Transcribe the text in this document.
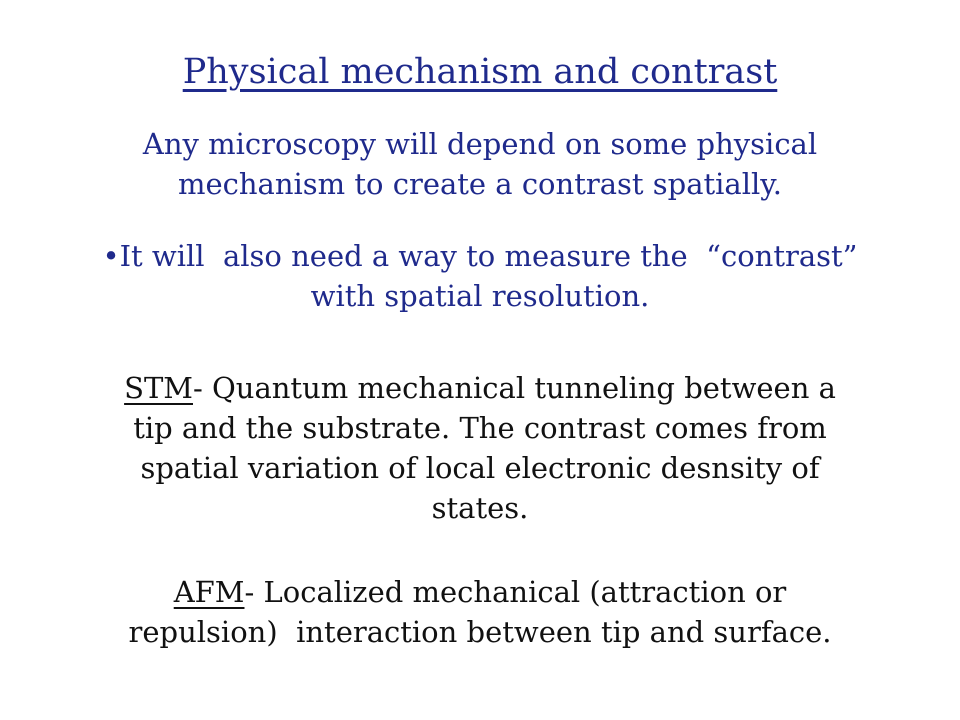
Physical mechanism and contrast
Any microscopy will depend on some physical
mechanism to create a contrast spatially.
•It will  also need a way to measure the  “contrast”
with spatial resolution.
STM- Quantum mechanical tunneling between a
tip and the substrate. The contrast comes from
spatial variation of local electronic desnsity of
states.
AFM- Localized mechanical (attraction or
repulsion)  interaction between tip and surface.
